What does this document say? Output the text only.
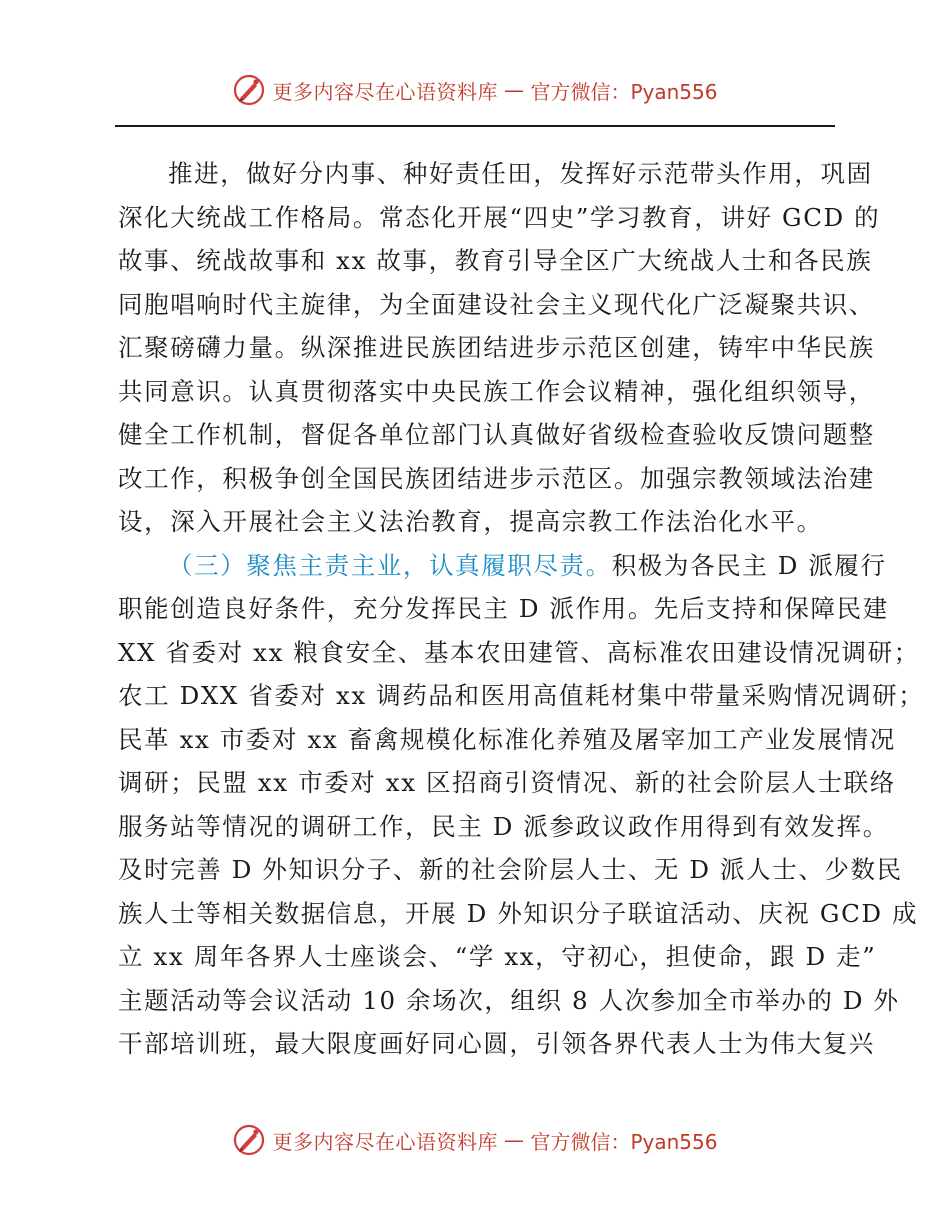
更多内容尽在心语资料库 — 官方微信：Pyan556
推进，做好分内事、种好责任田，发挥好示范带头作用，巩固
深化大统战工作格局。常态化开展“四史”学习教育，讲好 GCD 的
故事、统战故事和 xx 故事，教育引导全区广大统战人士和各民族
同胞唱响时代主旋律，为全面建设社会主义现代化广泛凝聚共识、
汇聚磅礴力量。纵深推进民族团结进步示范区创建，铸牢中华民族
共同意识。认真贯彻落实中央民族工作会议精神，强化组织领导，
健全工作机制，督促各单位部门认真做好省级检查验收反馈问题整
改工作，积极争创全国民族团结进步示范区。加强宗教领域法治建
设，深入开展社会主义法治教育，提高宗教工作法治化水平。
（三）聚焦主责主业，认真履职尽责。积极为各民主 D 派履行
职能创造良好条件，充分发挥民主 D 派作用。先后支持和保障民建
XX 省委对 xx 粮食安全、基本农田建管、高标准农田建设情况调研；
农工 DXX 省委对 xx 调药品和医用高值耗材集中带量采购情况调研；
民革 xx 市委对 xx 畜禽规模化标准化养殖及屠宰加工产业发展情况
调研；民盟 xx 市委对 xx 区招商引资情况、新的社会阶层人士联络
服务站等情况的调研工作，民主 D 派参政议政作用得到有效发挥。
及时完善 D 外知识分子、新的社会阶层人士、无 D 派人士、少数民
族人士等相关数据信息，开展 D 外知识分子联谊活动、庆祝 GCD 成
立 xx 周年各界人士座谈会、“学 xx，守初心，担使命，跟 D 走”
主题活动等会议活动 10 余场次，组织 8 人次参加全市举办的 D 外
干部培训班，最大限度画好同心圆，引领各界代表人士为伟大复兴
更多内容尽在心语资料库 — 官方微信：Pyan556
